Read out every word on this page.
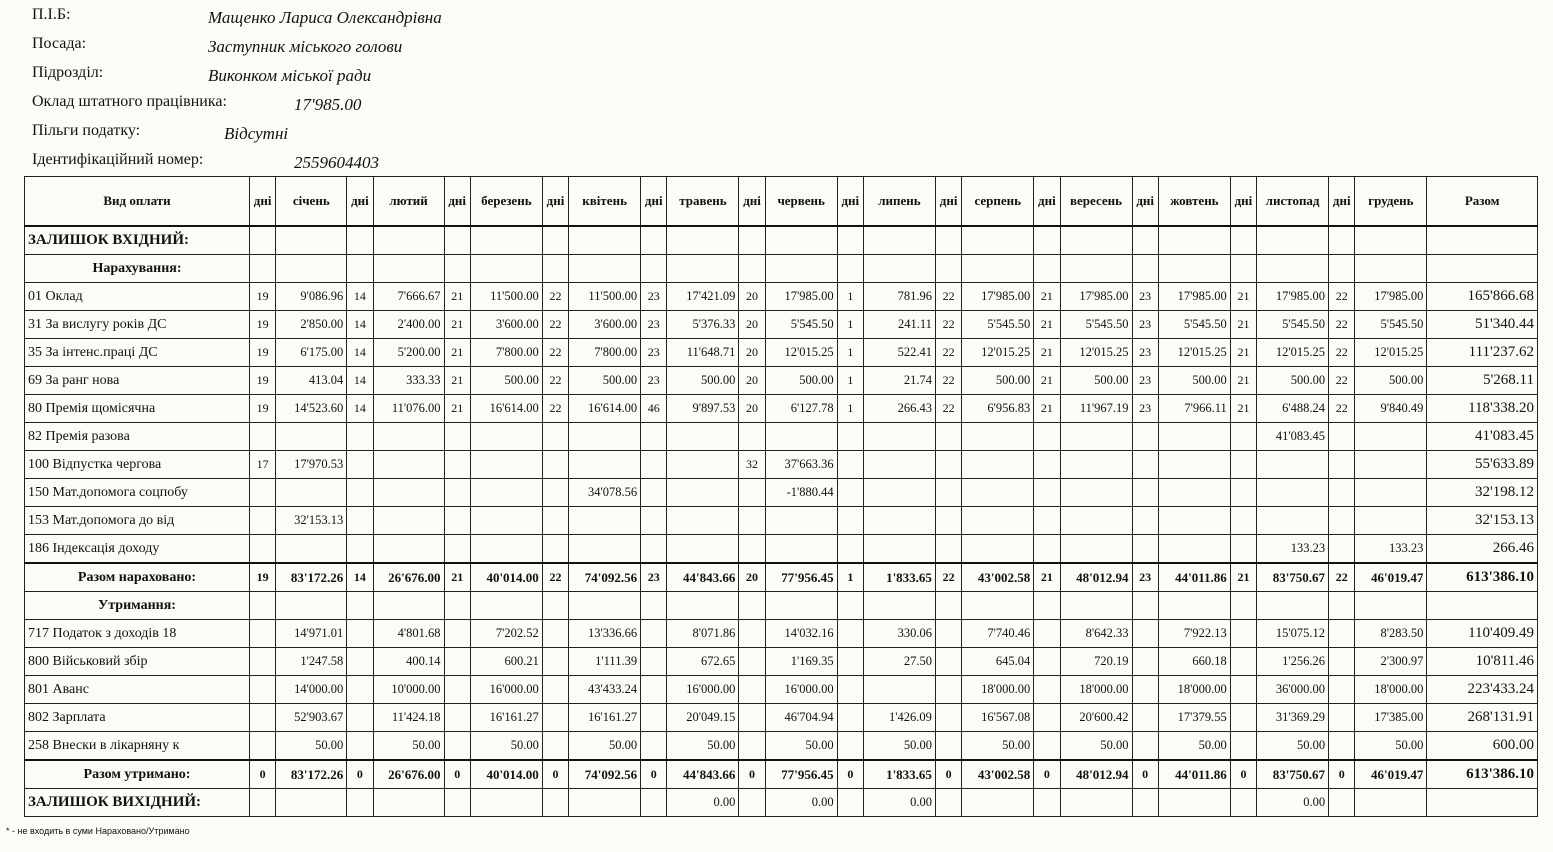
П.І.Б:	Мащенко Лариса Олександрівна
Посада:	Заступник міського голови
Підрозділ:	Виконком міської ради
Оклад штатного працівника:	17'985.00
Пільги податку:	Відсутні
Ідентифікаційний номер:	2559604403
Вид оплати	дні	січень	дні	лютий	дні	березень	дні	квітень	дні	травень	дні	червень	дні	липень	дні	серпень	дні	вересень	дні	жовтень	дні	листопад	дні	грудень	Разом
ЗАЛИШОК ВХІДНИЙ:																									
Нарахування:																									
01 Оклад	19	9'086.96	14	7'666.67	21	11'500.00	22	11'500.00	23	17'421.09	20	17'985.00	1	781.96	22	17'985.00	21	17'985.00	23	17'985.00	21	17'985.00	22	17'985.00	165'866.68
31 За вислугу років ДС	19	2'850.00	14	2'400.00	21	3'600.00	22	3'600.00	23	5'376.33	20	5'545.50	1	241.11	22	5'545.50	21	5'545.50	23	5'545.50	21	5'545.50	22	5'545.50	51'340.44
35 За інтенс.праці ДС	19	6'175.00	14	5'200.00	21	7'800.00	22	7'800.00	23	11'648.71	20	12'015.25	1	522.41	22	12'015.25	21	12'015.25	23	12'015.25	21	12'015.25	22	12'015.25	111'237.62
69 За ранг нова	19	413.04	14	333.33	21	500.00	22	500.00	23	500.00	20	500.00	1	21.74	22	500.00	21	500.00	23	500.00	21	500.00	22	500.00	5'268.11
80 Премія щомісячна	19	14'523.60	14	11'076.00	21	16'614.00	22	16'614.00	46	9'897.53	20	6'127.78	1	266.43	22	6'956.83	21	11'967.19	23	7'966.11	21	6'488.24	22	9'840.49	118'338.20
82 Премія разова																						41'083.45			41'083.45
100 Відпустка чергова	17	17'970.53									32	37'663.36													55'633.89
150 Мат.допомога соцпобу								34'078.56				-1'880.44													32'198.12
153 Мат.допомога до від		32'153.13																							32'153.13
186 Індексація доходу																						133.23		133.23	266.46
Разом нараховано:	19	83'172.26	14	26'676.00	21	40'014.00	22	74'092.56	23	44'843.66	20	77'956.45	1	1'833.65	22	43'002.58	21	48'012.94	23	44'011.86	21	83'750.67	22	46'019.47	613'386.10
Утримання:																									
717 Податок з доходів 18		14'971.01		4'801.68		7'202.52		13'336.66		8'071.86		14'032.16		330.06		7'740.46		8'642.33		7'922.13		15'075.12		8'283.50	110'409.49
800 Військовий збір		1'247.58		400.14		600.21		1'111.39		672.65		1'169.35		27.50		645.04		720.19		660.18		1'256.26		2'300.97	10'811.46
801 Аванс		14'000.00		10'000.00		16'000.00		43'433.24		16'000.00		16'000.00				18'000.00		18'000.00		18'000.00		36'000.00		18'000.00	223'433.24
802 Зарплата		52'903.67		11'424.18		16'161.27		16'161.27		20'049.15		46'704.94		1'426.09		16'567.08		20'600.42		17'379.55		31'369.29		17'385.00	268'131.91
258 Внески в лікарняну к		50.00		50.00		50.00		50.00		50.00		50.00		50.00		50.00		50.00		50.00		50.00		50.00	600.00
Разом утримано:	0	83'172.26	0	26'676.00	0	40'014.00	0	74'092.56	0	44'843.66	0	77'956.45	0	1'833.65	0	43'002.58	0	48'012.94	0	44'011.86	0	83'750.67	0	46'019.47	613'386.10
ЗАЛИШОК ВИХІДНИЙ:										0.00		0.00		0.00								0.00			
* - не входить в суми Нараховано/Утримано
